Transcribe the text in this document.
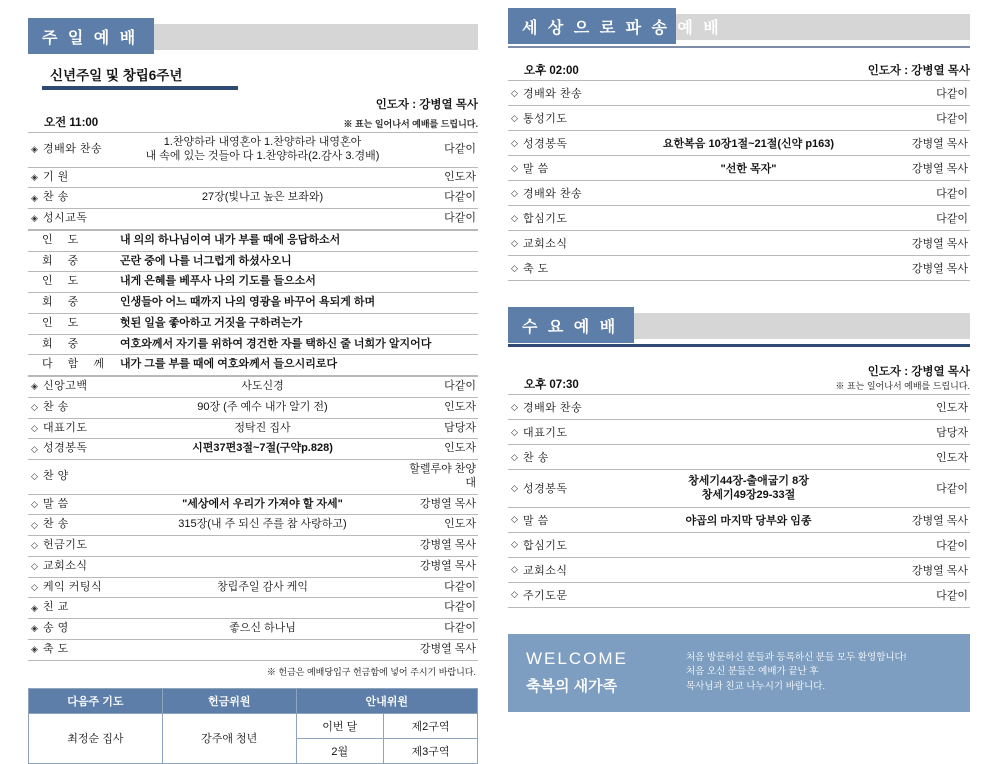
주 일 예 배
신년주일 및 창립6주년
인도자 : 강병열 목사
오전 11:00	※ 표는 일어나서 예배를 드립니다.
◈	경배와 찬송	1.찬양하라 내영혼아 1.찬양하라 내영혼아
내 속에 있는 것들아 다 1.찬양하라(2.감사 3.경배)	다같이
◈	기 원		인도자
◈	찬 송	27장(빛나고 높은 보좌와)	다같이
◈	성시교독		다같이
인 도	내 의의 하나님이여 내가 부를 때에 응답하소서
회 중	곤란 중에 나를 너그럽게 하셨사오니
인 도	내게 은혜를 베푸사 나의 기도를 들으소서
회 중	인생들아 어느 때까지 나의 영광을 바꾸어 욕되게 하며
인 도	헛된 일을 좋아하고 거짓을 구하려는가
회 중	여호와께서 자기를 위하여 경건한 자를 택하신 줄 너희가 알지어다
다 함 께	내가 그를 부를 때에 여호와께서 들으시리로다
◈	신앙고백	사도신경	다같이
◇	찬 송	90장 (주 예수 내가 알기 전)	인도자
◇	대표기도	정탁진 집사	담당자
◇	성경봉독	시편37편3절~7절(구약p.828)	인도자
◇	찬 양		할렐루야 찬양대
◇	말 씀	"세상에서 우리가 가져야 할 자세"	강병열 목사
◇	찬 송	315장(내 주 되신 주를 참 사랑하고)	인도자
◇	헌금기도		강병열 목사
◇	교회소식		강병열 목사
◇	케익 커팅식	창립주일 감사 케익	다같이
◈	친 교		다같이
◈	송 영	좋으신 하나님	다같이
◈	축 도		강병열 목사
※ 헌금은 예배당입구 헌금함에 넣어 주시기 바랍니다.
다음주 기도	헌금위원	안내위원	
최정순 집사	강주애 청년	이번 달	제2구역
		2월	제3구역
세 상 으 로 파 송 예 배
오후 02:00	인도자 : 강병열 목사
◇	경배와 찬송		다같이
◇	통성기도		다같이
◇	성경봉독	요한복음 10장1절~21절(신약 p163)	강병열 목사
◇	말 씀	"선한 목자"	강병열 목사
◇	경배와 찬송		다같이
◇	합심기도		다같이
◇	교회소식		강병열 목사
◇	축 도		강병열 목사
수 요 예 배
오후 07:30
인도자 : 강병열 목사
※ 표는 일어나서 예배를 드립니다.
◇	경배와 찬송		인도자
◇	대표기도		담당자
◇	찬 송		인도자
◇	성경봉독	창세기44장-출애굽기 8장
창세기49장29-33절	다같이
◇	말 씀	야곱의 마지막 당부와 임종	강병열 목사
◇	합심기도		다같이
◇	교회소식		강병열 목사
◇	주기도문		다같이
WELCOME
축복의 새가족
처음 방문하신 분들과 등록하신 분들 모두 환영합니다!
처음 오신 분들은 예배가 끝난 후
목사님과 친교 나누시기 바랍니다.
